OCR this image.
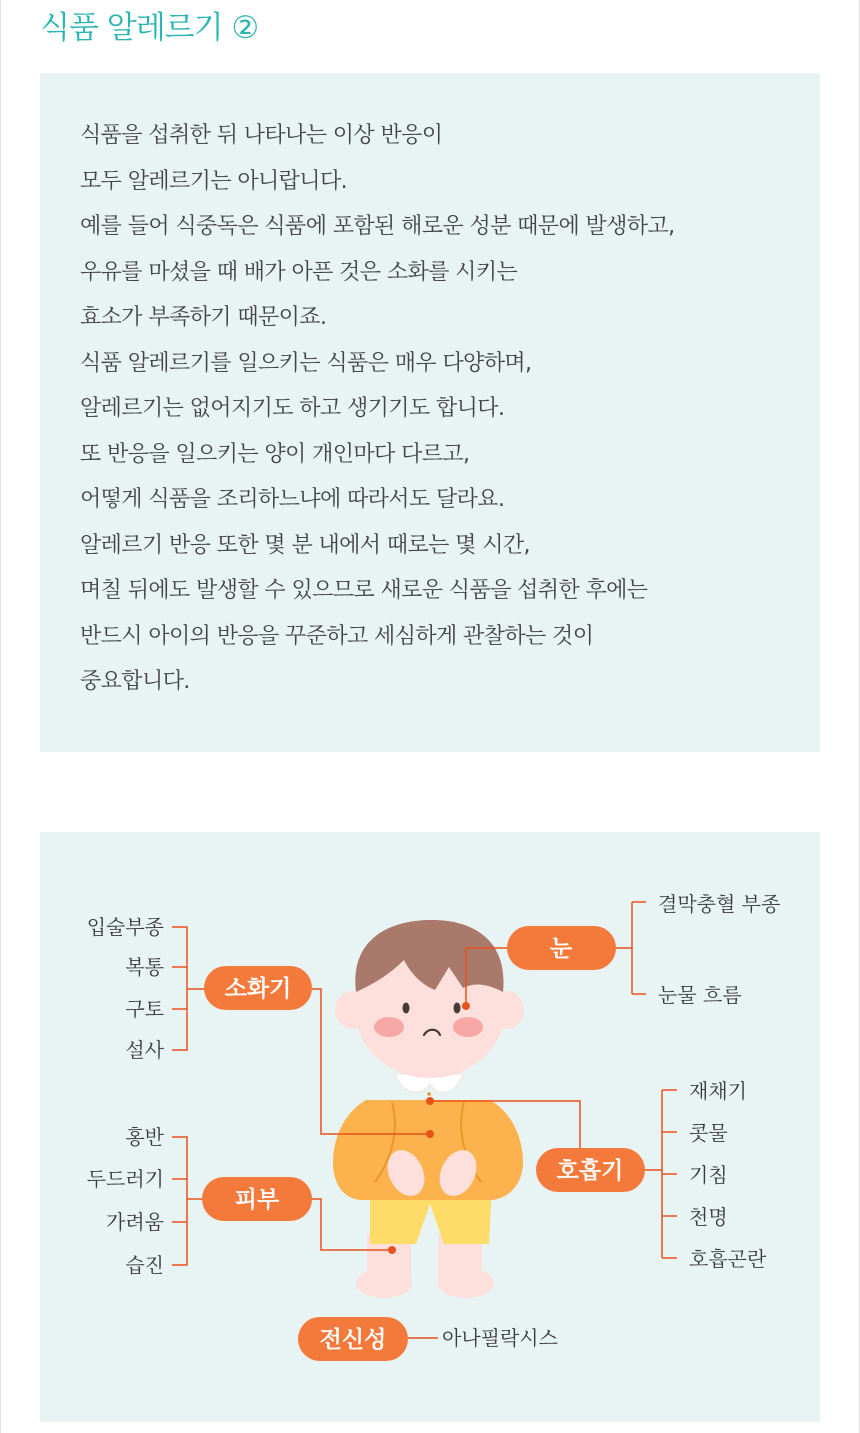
식품 알레르기 ②
식품을 섭취한 뒤 나타나는 이상 반응이
모두 알레르기는 아니랍니다.
예를 들어 식중독은 식품에 포함된 해로운 성분 때문에 발생하고,
우유를 마셨을 때 배가 아픈 것은 소화를 시키는
효소가 부족하기 때문이죠.
식품 알레르기를 일으키는 식품은 매우 다양하며,
알레르기는 없어지기도 하고 생기기도 합니다.
또 반응을 일으키는 양이 개인마다 다르고,
어떻게 식품을 조리하느냐에 따라서도 달라요.
알레르기 반응 또한 몇 분 내에서 때로는 몇 시간,
며칠 뒤에도 발생할 수 있으므로 새로운 식품을 섭취한 후에는
반드시 아이의 반응을 꾸준하고 세심하게 관찰하는 것이
중요합니다.
소화기
눈
호흡기
피부
전신성
입술부종
복통
구토
설사
결막충혈 부종
눈물 흐름
재채기
콧물
기침
천명
호흡곤란
홍반
두드러기
가려움
습진
아나필락시스
